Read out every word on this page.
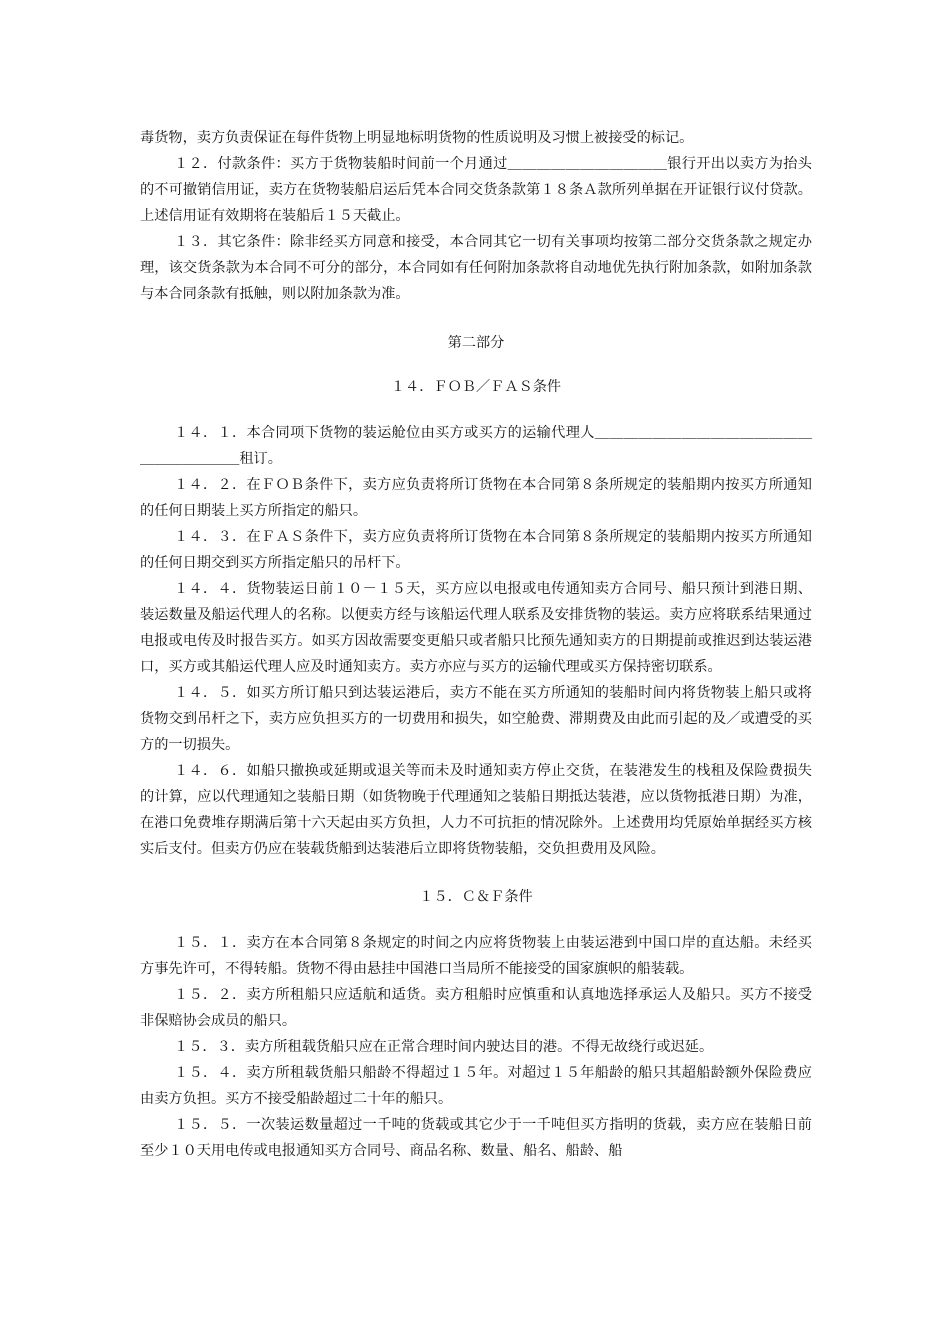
毒货物，卖方负责保证在每件货物上明显地标明货物的性质说明及习惯上被接受的标记。

１２．付款条件：买方于货物装船时间前一个月通过＿＿＿＿＿＿＿＿＿＿＿银行开出以卖方为抬头的不可撤销信用证，卖方在货物装船启运后凭本合同交货条款第１８条Ａ款所列单据在开证银行议付贷款。上述信用证有效期将在装船后１５天截止。

１３．其它条件：除非经买方同意和接受，本合同其它一切有关事项均按第二部分交货条款之规定办理，该交货条款为本合同不可分的部分，本合同如有任何附加条款将自动地优先执行附加条款，如附加条款与本合同条款有抵触，则以附加条款为准。

第二部分

１４．ＦＯＢ／ＦＡＳ条件

１４．１．本合同项下货物的装运舱位由买方或买方的运输代理人＿＿＿＿＿＿＿＿＿＿＿＿＿＿＿＿＿＿＿＿＿＿租订。

１４．２．在ＦＯＢ条件下，卖方应负责将所订货物在本合同第８条所规定的装船期内按买方所通知的任何日期装上买方所指定的船只。

１４．３．在ＦＡＳ条件下，卖方应负责将所订货物在本合同第８条所规定的装船期内按买方所通知的任何日期交到买方所指定船只的吊杆下。

１４．４．货物装运日前１０－１５天，买方应以电报或电传通知卖方合同号、船只预计到港日期、装运数量及船运代理人的名称。以便卖方经与该船运代理人联系及安排货物的装运。卖方应将联系结果通过电报或电传及时报告买方。如买方因故需要变更船只或者船只比预先通知卖方的日期提前或推迟到达装运港口，买方或其船运代理人应及时通知卖方。卖方亦应与买方的运输代理或买方保持密切联系。

１４．５．如买方所订船只到达装运港后，卖方不能在买方所通知的装船时间内将货物装上船只或将货物交到吊杆之下，卖方应负担买方的一切费用和损失，如空舱费、滞期费及由此而引起的及／或遭受的买方的一切损失。

１４．６．如船只撤换或延期或退关等而未及时通知卖方停止交货，在装港发生的栈租及保险费损失的计算，应以代理通知之装船日期（如货物晚于代理通知之装船日期抵达装港，应以货物抵港日期）为准，在港口免费堆存期满后第十六天起由买方负担，人力不可抗拒的情况除外。上述费用均凭原始单据经买方核实后支付。但卖方仍应在装载货船到达装港后立即将货物装船，交负担费用及风险。

１５．Ｃ＆Ｆ条件

１５．１．卖方在本合同第８条规定的时间之内应将货物装上由装运港到中国口岸的直达船。未经买方事先许可，不得转船。货物不得由悬挂中国港口当局所不能接受的国家旗帜的船装载。

１５．２．卖方所租船只应适航和适货。卖方租船时应慎重和认真地选择承运人及船只。买方不接受非保赔协会成员的船只。

１５．３．卖方所租载货船只应在正常合理时间内驶达目的港。不得无故绕行或迟延。

１５．４．卖方所租载货船只船龄不得超过１５年。对超过１５年船龄的船只其超船龄额外保险费应由卖方负担。买方不接受船龄超过二十年的船只。

１５．５．一次装运数量超过一千吨的货载或其它少于一千吨但买方指明的货载，卖方应在装船日前至少１０天用电传或电报通知买方合同号、商品名称、数量、船名、船龄、船
